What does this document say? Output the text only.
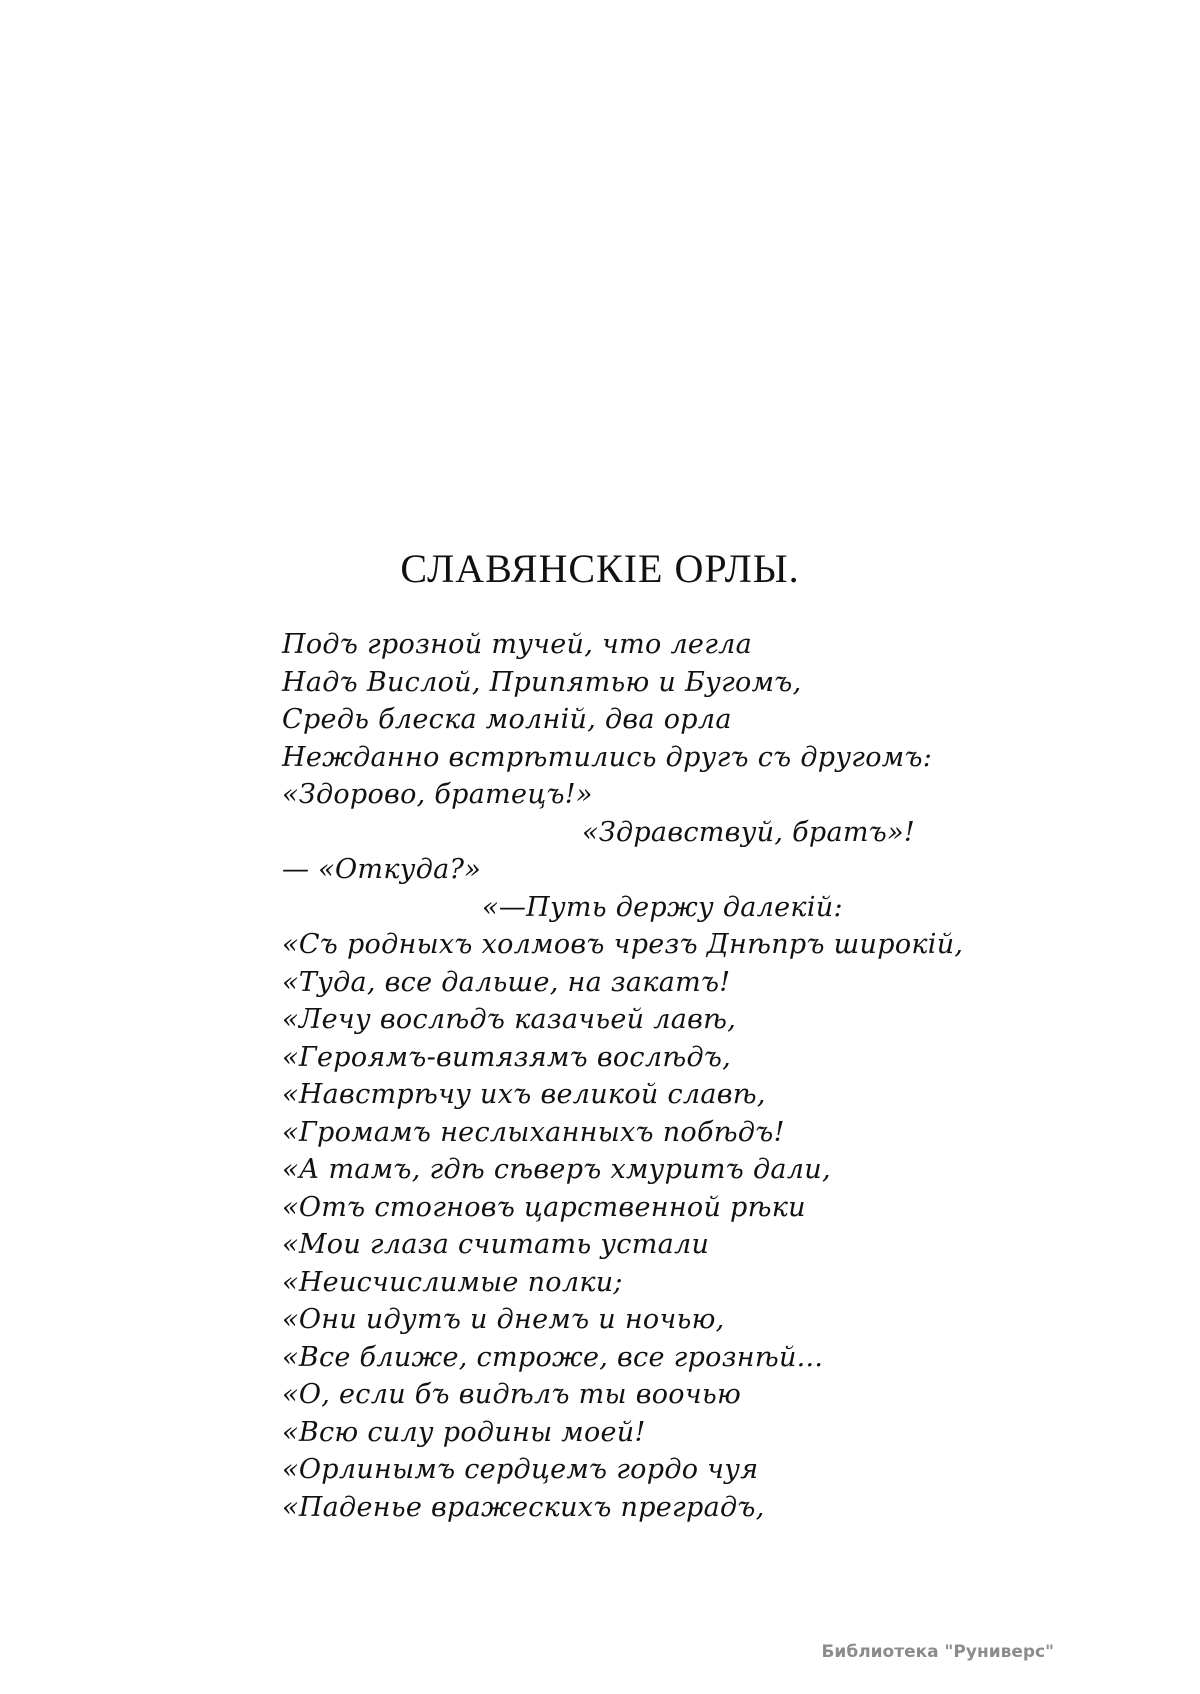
СЛАВЯНСКIЕ ОРЛЫ.
Подъ грозной тучей, что легла
Надъ Вислой, Припятью и Бугомъ,
Средь блеска молнiй, два орла
Нежданно встрѣтились другъ съ другомъ:
«Здорово, братецъ!»
«Здравствуй, братъ»!
— «Откуда?»
«—Путь держу далекiй:
«Съ родныхъ холмовъ чрезъ Днѣпръ широкiй,
«Туда, все дальше, на закатъ!
«Лечу вослѣдъ казачьей лавѣ,
«Героямъ-витязямъ вослѣдъ,
«Навстрѣчу ихъ великой славѣ,
«Громамъ неслыханныхъ побѣдъ!
«А тамъ, гдѣ сѣверъ хмуритъ дали,
«Отъ стогновъ царственной рѣки
«Мои глаза считать устали
«Неисчислимые полки;
«Они идутъ и днемъ и ночью,
«Все ближе, строже, все грознѣй...
«О, если бъ видѣлъ ты воочью
«Всю силу родины моей!
«Орлинымъ сердцемъ гордо чуя
«Паденье вражескихъ преградъ,
Библиотека "Руниверс"
